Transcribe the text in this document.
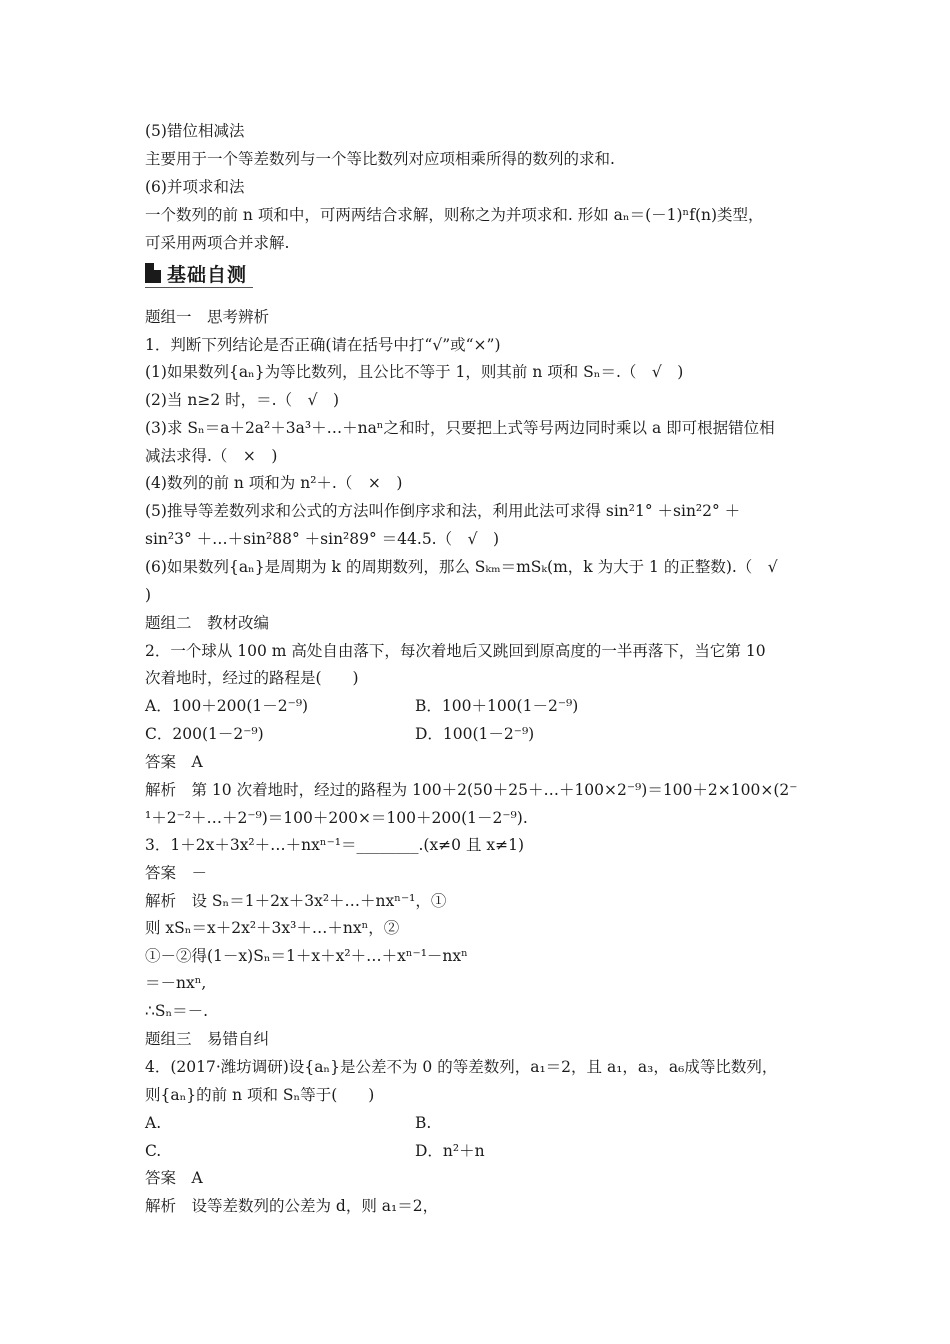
(5)错位相减法
主要用于一个等差数列与一个等比数列对应项相乘所得的数列的求和.
(6)并项求和法
一个数列的前 n 项和中，可两两结合求解，则称之为并项求和. 形如 aₙ＝(－1)ⁿf(n)类型，
可采用两项合并求解.
题组一　思考辨析
1．判断下列结论是否正确(请在括号中打“√”或“×”)
(1)如果数列{aₙ}为等比数列，且公比不等于 1，则其前 n 项和 Sₙ＝.（　√　)
(2)当 n≥2 时，＝.（　√　)
(3)求 Sₙ＝a＋2a²＋3a³＋…＋naⁿ之和时，只要把上式等号两边同时乘以 a 即可根据错位相
减法求得.（　×　)
(4)数列的前 n 项和为 n²＋.（　×　)
(5)推导等差数列求和公式的方法叫作倒序求和法，利用此法可求得 sin²1° ＋sin²2° ＋
sin²3° ＋…＋sin²88° ＋sin²89° ＝44.5.（　√　)
(6)如果数列{aₙ}是周期为 k 的周期数列，那么 Sₖₘ＝mSₖ(m，k 为大于 1 的正整数).（　√
)
题组二　教材改编
2．一个球从 100 m 高处自由落下，每次着地后又跳回到原高度的一半再落下，当它第 10
次着地时，经过的路程是(　　)
答案　A
解析　第 10 次着地时，经过的路程为 100＋2(50＋25＋…＋100×2⁻⁹)＝100＋2×100×(2⁻
¹＋2⁻²＋…＋2⁻⁹)＝100＋200×＝100＋200(1－2⁻⁹).
3．1＋2x＋3x²＋…＋nxⁿ⁻¹＝________.(x≠0 且 x≠1)
答案　－
解析　设 Sₙ＝1＋2x＋3x²＋…＋nxⁿ⁻¹，①
则 xSₙ＝x＋2x²＋3x³＋…＋nxⁿ，②
①－②得(1－x)Sₙ＝1＋x＋x²＋…＋xⁿ⁻¹－nxⁿ
＝－nxⁿ,
∴Sₙ＝－.
题组三　易错自纠
4．(2017·潍坊调研)设{aₙ}是公差不为 0 的等差数列，a₁＝2，且 a₁，a₃，a₆成等比数列，
则{aₙ}的前 n 项和 Sₙ等于(　　)
答案　A
解析　设等差数列的公差为 d，则 a₁＝2，
A．100＋200(1－2⁻⁹)	B．100＋100(1－2⁻⁹)
C．200(1－2⁻⁹)	D．100(1－2⁻⁹)
A.	B.
C.	D．n²＋n
基础自测
